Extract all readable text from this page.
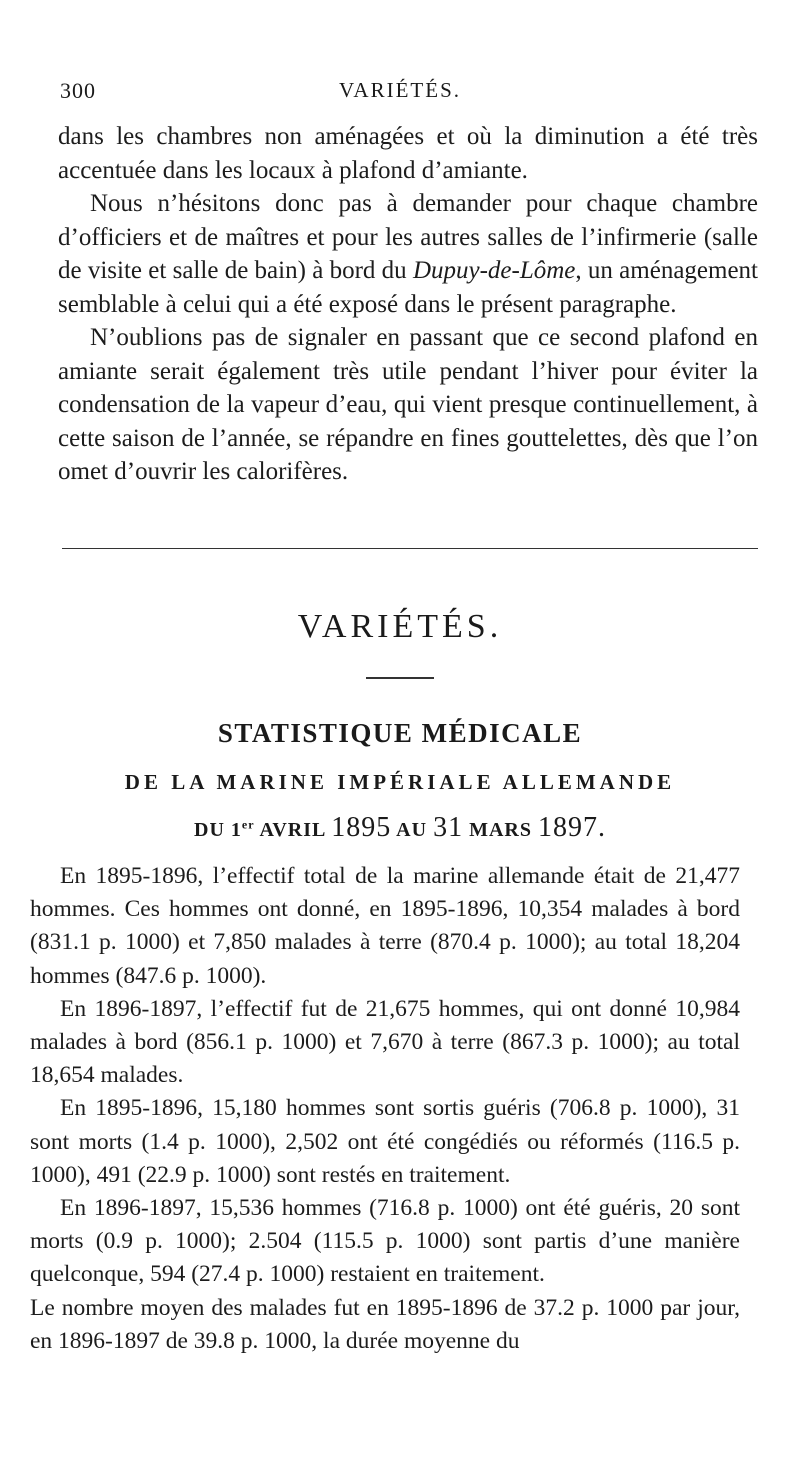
300	VARIÉTÉS.

dans les chambres non aménagées et où la diminution a été très accentuée dans les locaux à plafond d’amiante.

Nous n’hésitons donc pas à demander pour chaque chambre d’officiers et de maîtres et pour les autres salles de l’infirmerie (salle de visite et salle de bain) à bord du Dupuy-de-Lôme, un aménagement semblable à celui qui a été exposé dans le présent paragraphe.

N’oublions pas de signaler en passant que ce second plafond en amiante serait également très utile pendant l’hiver pour éviter la condensation de la vapeur d’eau, qui vient presque continuellement, à cette saison de l’année, se répandre en fines gouttelettes, dès que l’on omet d’ouvrir les calorifères.

VARIÉTÉS.
STATISTIQUE MÉDICALE
DE LA MARINE IMPÉRIALE ALLEMANDE
DU 1er AVRIL 1895 AU 31 MARS 1897.

En 1895-1896, l’effectif total de la marine allemande était de 21,477 hommes. Ces hommes ont donné, en 1895-1896, 10,354 malades à bord (831.1 p. 1000) et 7,850 malades à terre (870.4 p. 1000); au total 18,204 hommes (847.6 p. 1000).

En 1896-1897, l’effectif fut de 21,675 hommes, qui ont donné 10,984 malades à bord (856.1 p. 1000) et 7,670 à terre (867.3 p. 1000); au total 18,654 malades.

En 1895-1896, 15,180 hommes sont sortis guéris (706.8 p. 1000), 31 sont morts (1.4 p. 1000), 2,502 ont été congédiés ou réformés (116.5 p. 1000), 491 (22.9 p. 1000) sont restés en traitement.

En 1896-1897, 15,536 hommes (716.8 p. 1000) ont été guéris, 20 sont morts (0.9 p. 1000); 2.504 (115.5 p. 1000) sont partis d’une manière quelconque, 594 (27.4 p. 1000) restaient en traitement.

Le nombre moyen des malades fut en 1895-1896 de 37.2 p. 1000 par jour, en 1896-1897 de 39.8 p. 1000, la durée moyenne du
